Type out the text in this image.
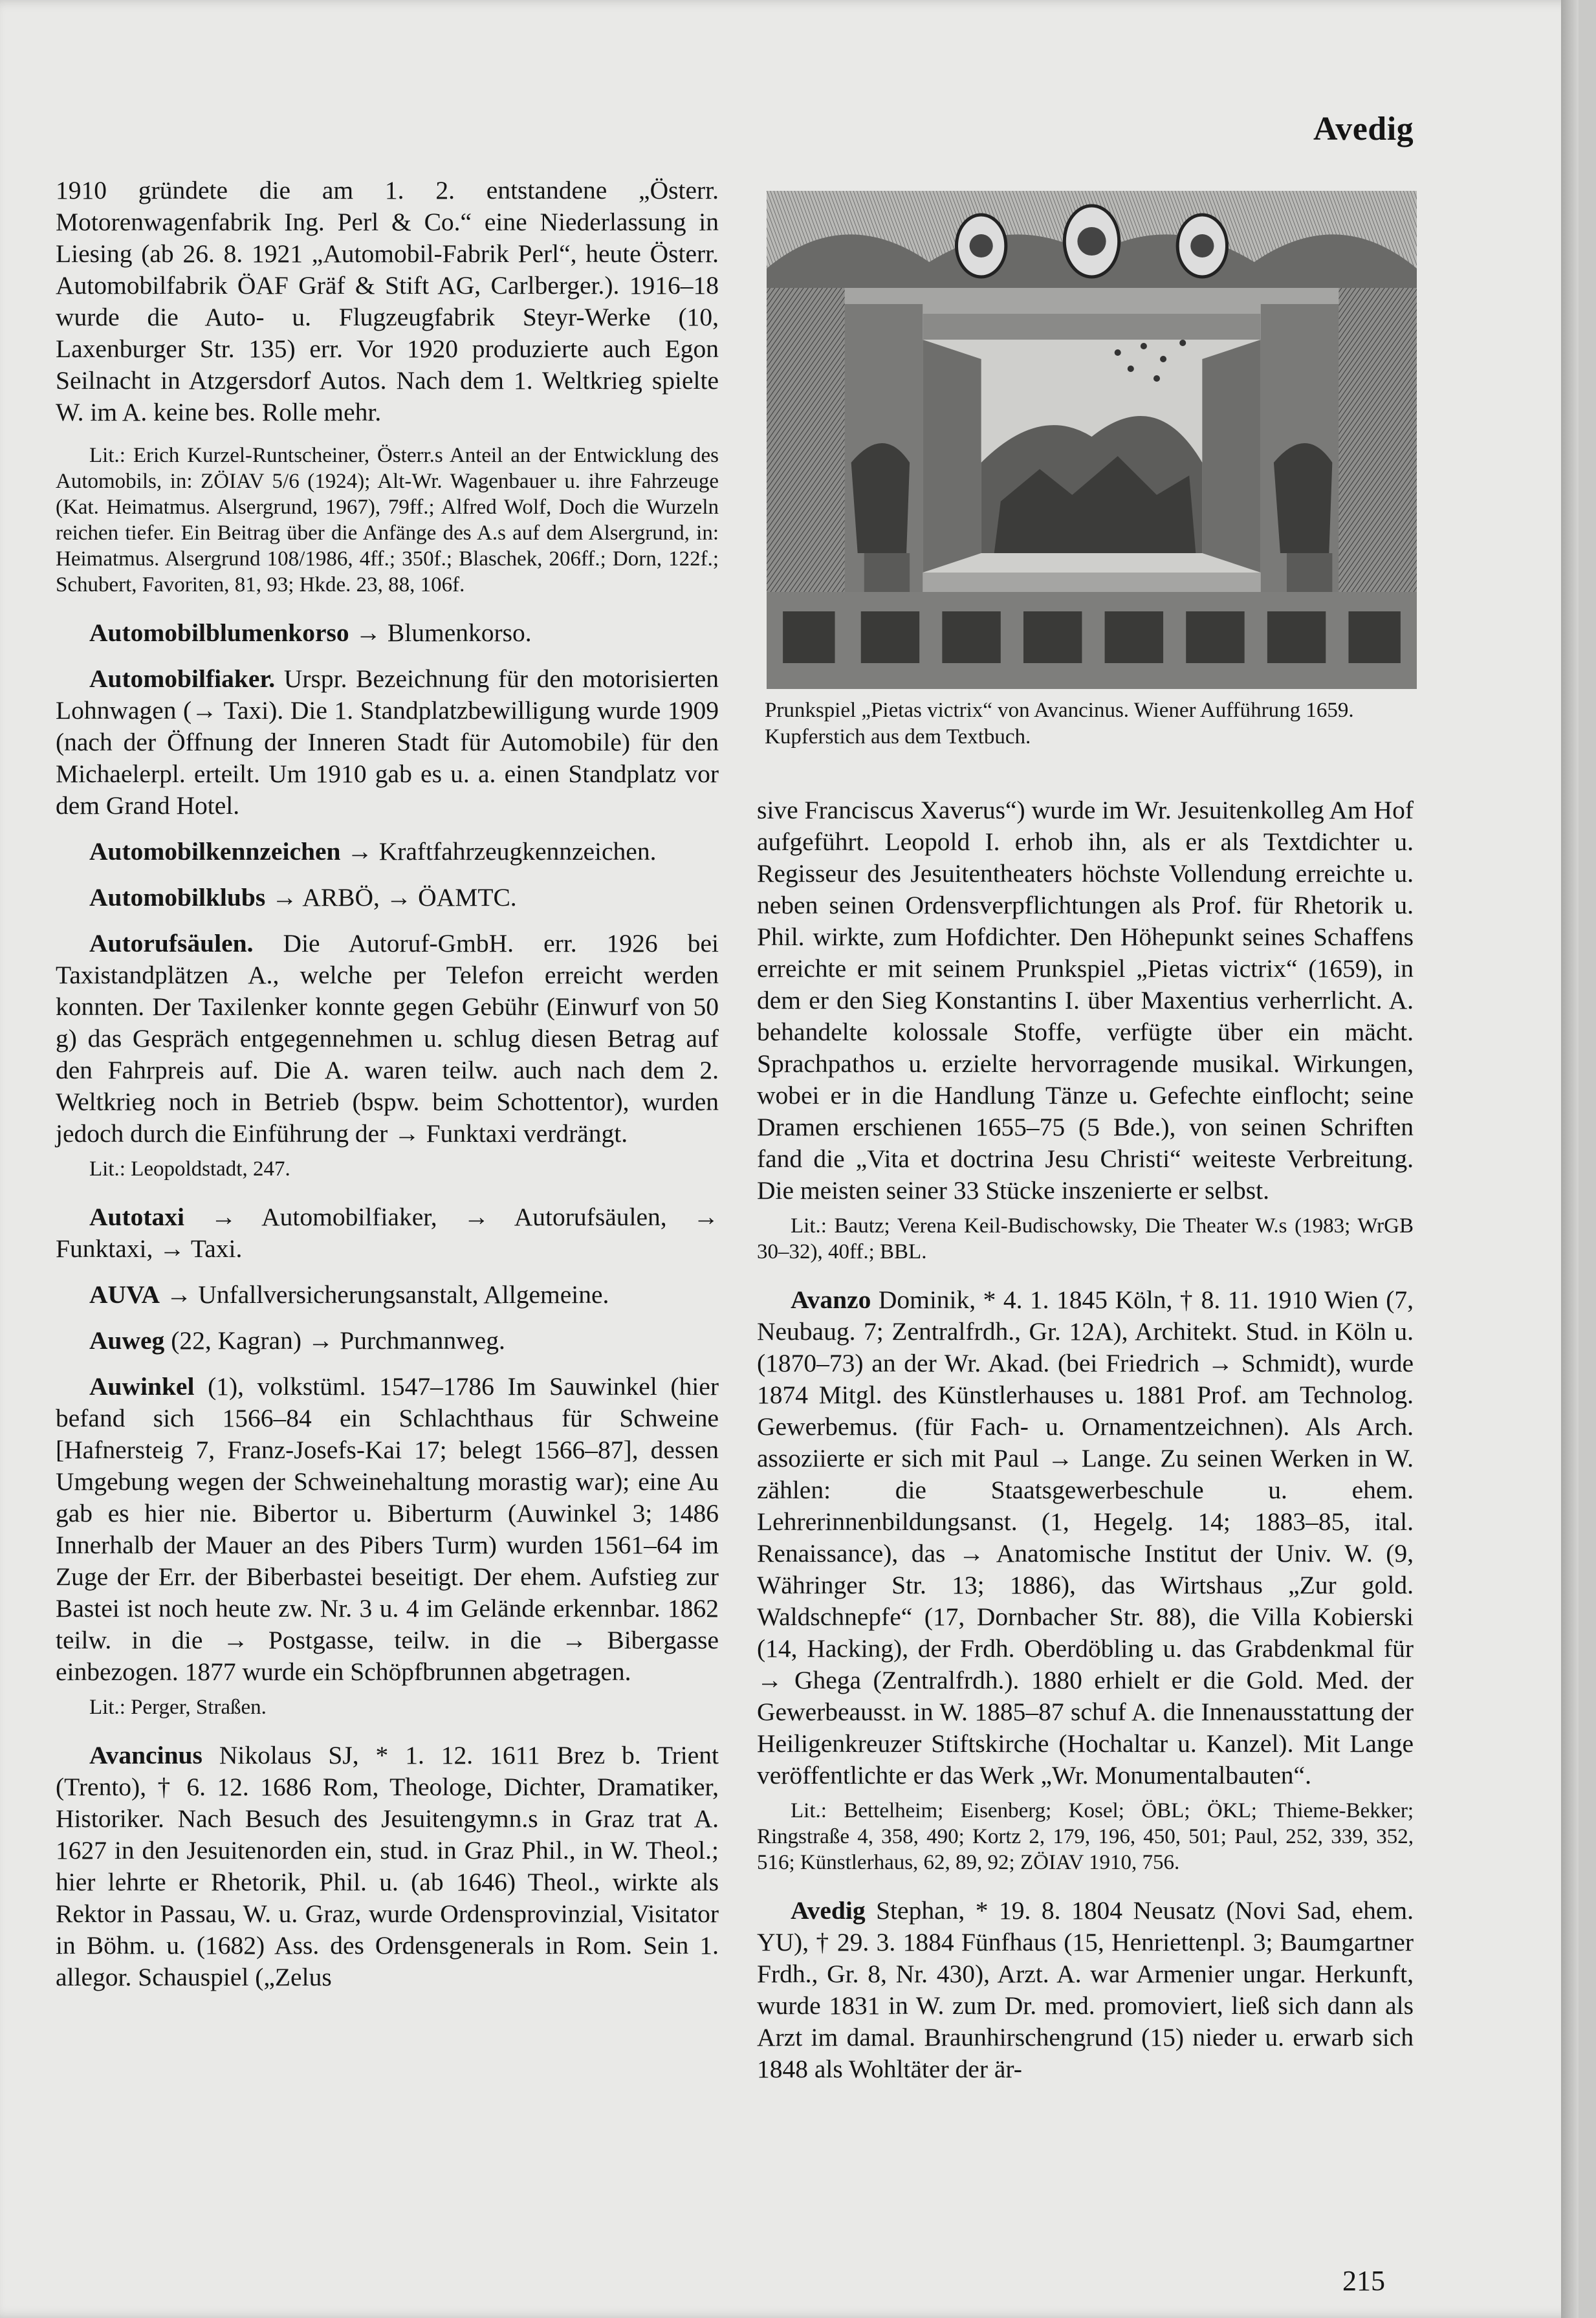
Avedig

1910 gründete die am 1. 2. entstandene „Österr. Motorenwagenfabrik Ing. Perl & Co.“ eine Niederlassung in Liesing (ab 26. 8. 1921 „Automobil-Fabrik Perl“, heute Österr. Automobilfabrik ÖAF Gräf & Stift AG, Carlberger.). 1916–18 wurde die Auto- u. Flugzeugfabrik Steyr-Werke (10, Laxenburger Str. 135) err. Vor 1920 produzierte auch Egon Seilnacht in Atzgersdorf Autos. Nach dem 1. Weltkrieg spielte W. im A. keine bes. Rolle mehr.

Lit.: Erich Kurzel-Runtscheiner, Österr.s Anteil an der Entwicklung des Automobils, in: ZÖIAV 5/6 (1924); Alt-Wr. Wagenbauer u. ihre Fahrzeuge (Kat. Heimatmus. Alsergrund, 1967), 79ff.; Alfred Wolf, Doch die Wurzeln reichen tiefer. Ein Beitrag über die Anfänge des A.s auf dem Alsergrund, in: Heimatmus. Alsergrund 108/1986, 4ff.; 350f.; Blaschek, 206ff.; Dorn, 122f.; Schubert, Favoriten, 81, 93; Hkde. 23, 88, 106f.

Automobilblumenkorso → Blumenkorso.

Automobilfiaker. Urspr. Bezeichnung für den motorisierten Lohnwagen (→ Taxi). Die 1. Standplatzbewilligung wurde 1909 (nach der Öffnung der Inneren Stadt für Automobile) für den Michaelerpl. erteilt. Um 1910 gab es u. a. einen Standplatz vor dem Grand Hotel.

Automobilkennzeichen → Kraftfahrzeugkennzeichen.

Automobilklubs → ARBÖ, → ÖAMTC.

Autorufsäulen. Die Autoruf-GmbH. err. 1926 bei Taxistandplätzen A., welche per Telefon erreicht werden konnten. Der Taxilenker konnte gegen Gebühr (Einwurf von 50 g) das Gespräch entgegennehmen u. schlug diesen Betrag auf den Fahrpreis auf. Die A. waren teilw. auch nach dem 2. Weltkrieg noch in Betrieb (bspw. beim Schottentor), wurden jedoch durch die Einführung der → Funktaxi verdrängt.

Lit.: Leopoldstadt, 247.

Autotaxi → Automobilfiaker, → Autorufsäulen, → Funktaxi, → Taxi.

AUVA → Unfallversicherungsanstalt, Allgemeine.

Auweg (22, Kagran) → Purchmannweg.

Auwinkel (1), volkstüml. 1547–1786 Im Sauwinkel (hier befand sich 1566–84 ein Schlachthaus für Schweine [Hafnersteig 7, Franz-Josefs-Kai 17; belegt 1566–87], dessen Umgebung wegen der Schweinehaltung morastig war); eine Au gab es hier nie. Bibertor u. Biberturm (Auwinkel 3; 1486 Innerhalb der Mauer an des Pibers Turm) wurden 1561–64 im Zuge der Err. der Biberbastei beseitigt. Der ehem. Aufstieg zur Bastei ist noch heute zw. Nr. 3 u. 4 im Gelände erkennbar. 1862 teilw. in die → Postgasse, teilw. in die → Bibergasse einbezogen. 1877 wurde ein Schöpfbrunnen abgetragen.

Lit.: Perger, Straßen.

Avancinus Nikolaus SJ, * 1. 12. 1611 Brez b. Trient (Trento), † 6. 12. 1686 Rom, Theologe, Dichter, Dramatiker, Historiker. Nach Besuch des Jesuitengymn.s in Graz trat A. 1627 in den Jesuitenorden ein, stud. in Graz Phil., in W. Theol.; hier lehrte er Rhetorik, Phil. u. (ab 1646) Theol., wirkte als Rektor in Passau, W. u. Graz, wurde Ordensprovinzial, Visitator in Böhm. u. (1682) Ass. des Ordensgenerals in Rom. Sein 1. allegor. Schauspiel („Zelus

Prunkspiel „Pietas victrix“ von Avancinus. Wiener Aufführung 1659. Kupferstich aus dem Textbuch.

sive Franciscus Xaverus“) wurde im Wr. Jesuitenkolleg Am Hof aufgeführt. Leopold I. erhob ihn, als er als Textdichter u. Regisseur des Jesuitentheaters höchste Vollendung erreichte u. neben seinen Ordensverpflichtungen als Prof. für Rhetorik u. Phil. wirkte, zum Hofdichter. Den Höhepunkt seines Schaffens erreichte er mit seinem Prunkspiel „Pietas victrix“ (1659), in dem er den Sieg Konstantins I. über Maxentius verherrlicht. A. behandelte kolossale Stoffe, verfügte über ein mächt. Sprachpathos u. erzielte hervorragende musikal. Wirkungen, wobei er in die Handlung Tänze u. Gefechte einflocht; seine Dramen erschienen 1655–75 (5 Bde.), von seinen Schriften fand die „Vita et doctrina Jesu Christi“ weiteste Verbreitung. Die meisten seiner 33 Stücke inszenierte er selbst.

Lit.: Bautz; Verena Keil-Budischowsky, Die Theater W.s (1983; WrGB 30–32), 40ff.; BBL.

Avanzo Dominik, * 4. 1. 1845 Köln, † 8. 11. 1910 Wien (7, Neubaug. 7; Zentralfrdh., Gr. 12A), Architekt. Stud. in Köln u. (1870–73) an der Wr. Akad. (bei Friedrich → Schmidt), wurde 1874 Mitgl. des Künstlerhauses u. 1881 Prof. am Technolog. Gewerbemus. (für Fach- u. Ornamentzeichnen). Als Arch. assoziierte er sich mit Paul → Lange. Zu seinen Werken in W. zählen: die Staatsgewerbeschule u. ehem. Lehrerinnenbildungsanst. (1, Hegelg. 14; 1883–85, ital. Renaissance), das → Anatomische Institut der Univ. W. (9, Währinger Str. 13; 1886), das Wirtshaus „Zur gold. Waldschnepfe“ (17, Dornbacher Str. 88), die Villa Kobierski (14, Hacking), der Frdh. Oberdöbling u. das Grabdenkmal für → Ghega (Zentralfrdh.). 1880 erhielt er die Gold. Med. der Gewerbeausst. in W. 1885–87 schuf A. die Innenausstattung der Heiligenkreuzer Stiftskirche (Hochaltar u. Kanzel). Mit Lange veröffentlichte er das Werk „Wr. Monumentalbauten“.

Lit.: Bettelheim; Eisenberg; Kosel; ÖBL; ÖKL; Thieme-Bekker; Ringstraße 4, 358, 490; Kortz 2, 179, 196, 450, 501; Paul, 252, 339, 352, 516; Künstlerhaus, 62, 89, 92; ZÖIAV 1910, 756.

Avedig Stephan, * 19. 8. 1804 Neusatz (Novi Sad, ehem. YU), † 29. 3. 1884 Fünfhaus (15, Henriettenpl. 3; Baumgartner Frdh., Gr. 8, Nr. 430), Arzt. A. war Armenier ungar. Herkunft, wurde 1831 in W. zum Dr. med. promoviert, ließ sich dann als Arzt im damal. Braunhirschengrund (15) nieder u. erwarb sich 1848 als Wohltäter der är-

215
